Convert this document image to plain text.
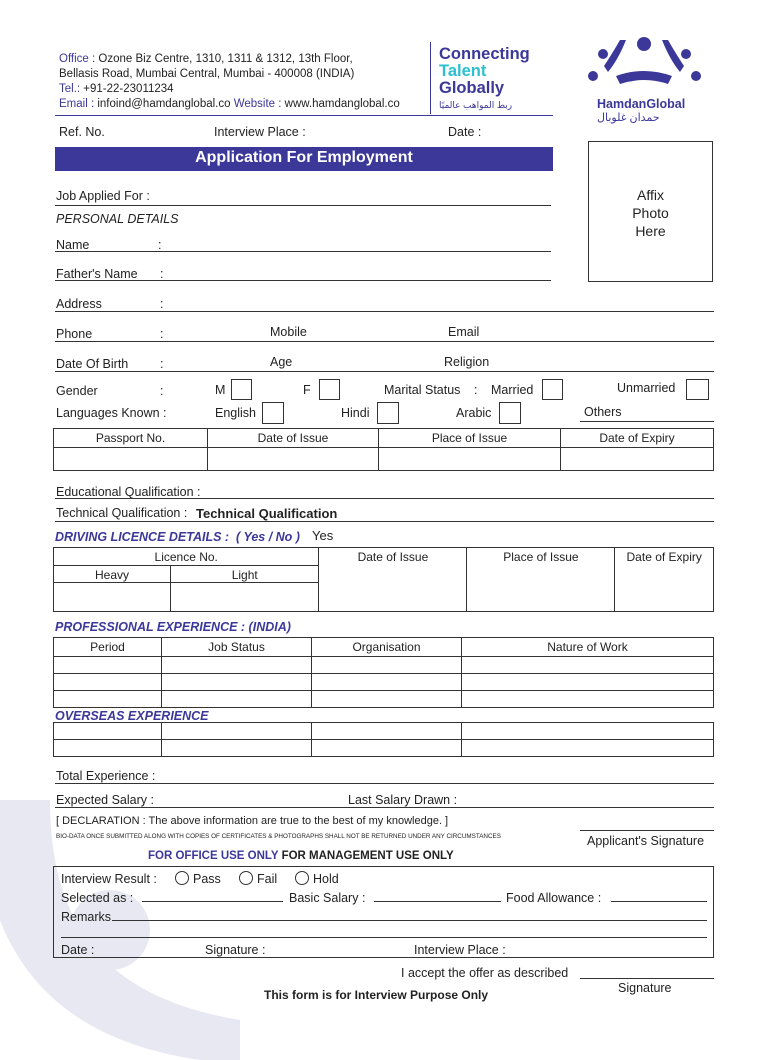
Office : Ozone Biz Centre, 1310, 1311 & 1312, 13th Floor,
Bellasis Road, Mumbai Central, Mumbai - 400008 (INDIA)
Tel.: +91-22-23011234
Email : infoind@hamdanglobal.co Website : www.hamdanglobal.co
Connecting
Talent
Globally
ربط المواهب عالميًا	HamdanGlobal
حمدان غلوبال
Ref. No.	Interview Place :	Date :
Application For Employment
Affix
Photo
Here
Job Applied For :
PERSONAL DETAILS
Name	:
Father's Name :
Address	:
Phone	:	Mobile	Email
Date Of Birth	:	Age	Religion
Gender	:	M	F	Marital Status : Married	Unmarried
Languages Known :	English	Hindi	Arabic	Others
Passport No.	Date of Issue	Place of Issue	Date of Expiry

Educational Qualification :
Technical Qualification : Technical Qualification
DRIVING LICENCE DETAILS : ( Yes / No ) Yes
Licence No.		Date of Issue	Place of Issue	Date of Expiry
Heavy	Light			

PROFESSIONAL EXPERIENCE : (INDIA)
Period	Job Status	Organisation	Nature of Work

OVERSEAS EXPERIENCE

Total Experience :
Expected Salary :	Last Salary Drawn :
[ DECLARATION : The above information are true to the best of my knowledge. ]
BIO-DATA ONCE SUBMITTED ALONG WITH COPIES OF CERTIFICATES & PHOTOGRAPHS SHALL NOT BE RETURNED UNDER ANY CIRCUMSTANCES	Applicant's Signature
FOR OFFICE USE ONLY FOR MANAGEMENT USE ONLY
Interview Result :	Pass	Fail	Hold
Selected as :	Basic Salary :	Food Allowance :
Remarks
Date :	Signature :	Interview Place :
I accept the offer as described
Signature
This form is for Interview Purpose Only
